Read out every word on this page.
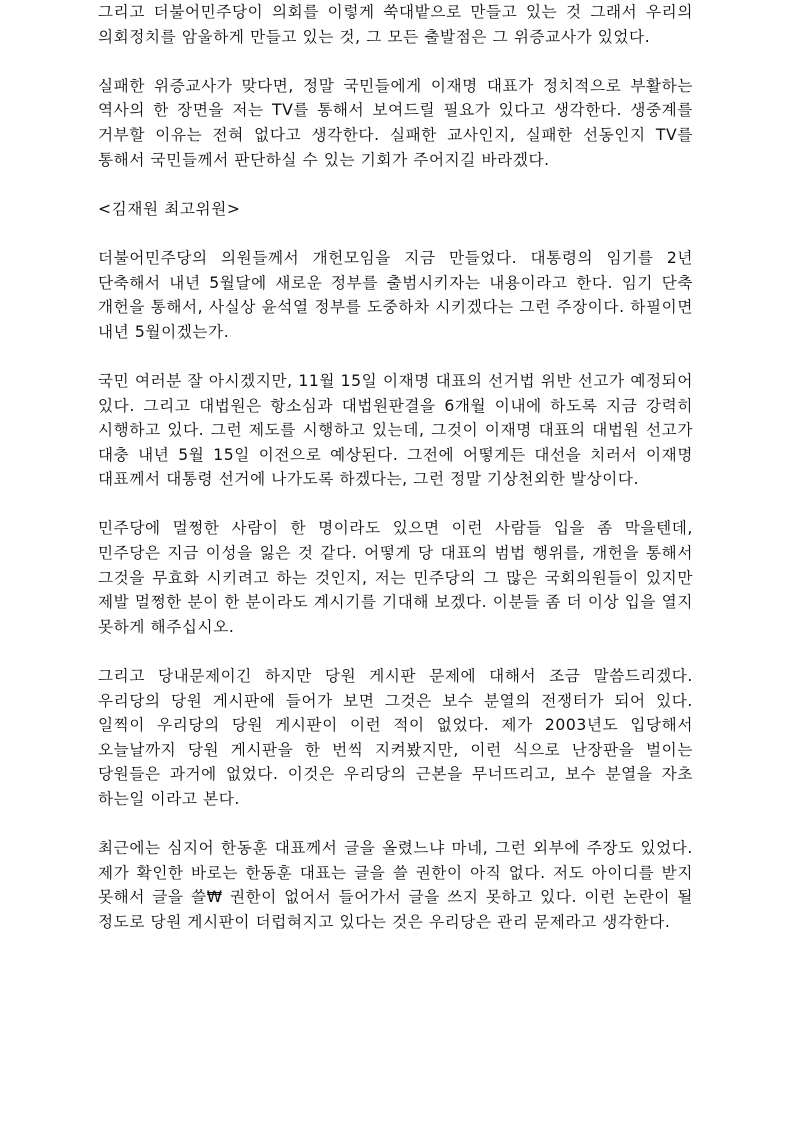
그리고 더불어민주당이 의회를 이렇게 쑥대밭으로 만들고 있는 것 그래서 우리의 의회정치를 암울하게 만들고 있는 것, 그 모든 출발점은 그 위증교사가 있었다.

실패한 위증교사가 맞다면, 정말 국민들에게 이재명 대표가 정치적으로 부활하는 역사의 한 장면을 저는 TV를 통해서 보여드릴 필요가 있다고 생각한다. 생중계를 거부할 이유는 전혀 없다고 생각한다. 실패한 교사인지, 실패한 선동인지 TV를 통해서 국민들께서 판단하실 수 있는 기회가 주어지길 바라겠다.

<김재원 최고위원>

더불어민주당의 의원들께서 개헌모임을 지금 만들었다. 대통령의 임기를 2년 단축해서 내년 5월달에 새로운 정부를 출범시키자는 내용이라고 한다. 임기 단축 개헌을 통해서, 사실상 윤석열 정부를 도중하차 시키겠다는 그런 주장이다. 하필이면 내년 5월이겠는가.

국민 여러분 잘 아시겠지만, 11월 15일 이재명 대표의 선거법 위반 선고가 예정되어 있다. 그리고 대법원은 항소심과 대법원판결을 6개월 이내에 하도록 지금 강력히 시행하고 있다. 그런 제도를 시행하고 있는데, 그것이 이재명 대표의 대법원 선고가 대충 내년 5월 15일 이전으로 예상된다. 그전에 어떻게든 대선을 치러서 이재명 대표께서 대통령 선거에 나가도록 하겠다는, 그런 정말 기상천외한 발상이다.

민주당에 멀쩡한 사람이 한 명이라도 있으면 이런 사람들 입을 좀 막을텐데, 민주당은 지금 이성을 잃은 것 같다. 어떻게 당 대표의 범법 행위를, 개헌을 통해서 그것을 무효화 시키려고 하는 것인지, 저는 민주당의 그 많은 국회의원들이 있지만 제발 멀쩡한 분이 한 분이라도 계시기를 기대해 보겠다. 이분들 좀 더 이상 입을 열지 못하게 해주십시오.

그리고 당내문제이긴 하지만 당원 게시판 문제에 대해서 조금 말씀드리겠다. 우리당의 당원 게시판에 들어가 보면 그것은 보수 분열의 전쟁터가 되어 있다. 일찍이 우리당의 당원 게시판이 이런 적이 없었다. 제가 2003년도 입당해서 오늘날까지 당원 게시판을 한 번씩 지켜봤지만, 이런 식으로 난장판을 벌이는 당원들은 과거에 없었다. 이것은 우리당의 근본을 무너뜨리고, 보수 분열을 자초 하는일 이라고 본다.

최근에는 심지어 한동훈 대표께서 글을 올렸느냐 마네, 그런 외부에 주장도 있었다. 제가 확인한 바로는 한동훈 대표는 글을 쓸 권한이 아직 없다. 저도 아이디를 받지 못해서 글을 쓸₩ 권한이 없어서 들어가서 글을 쓰지 못하고 있다. 이런 논란이 될 정도로 당원 게시판이 더럽혀지고 있다는 것은 우리당은 관리 문제라고 생각한다.
